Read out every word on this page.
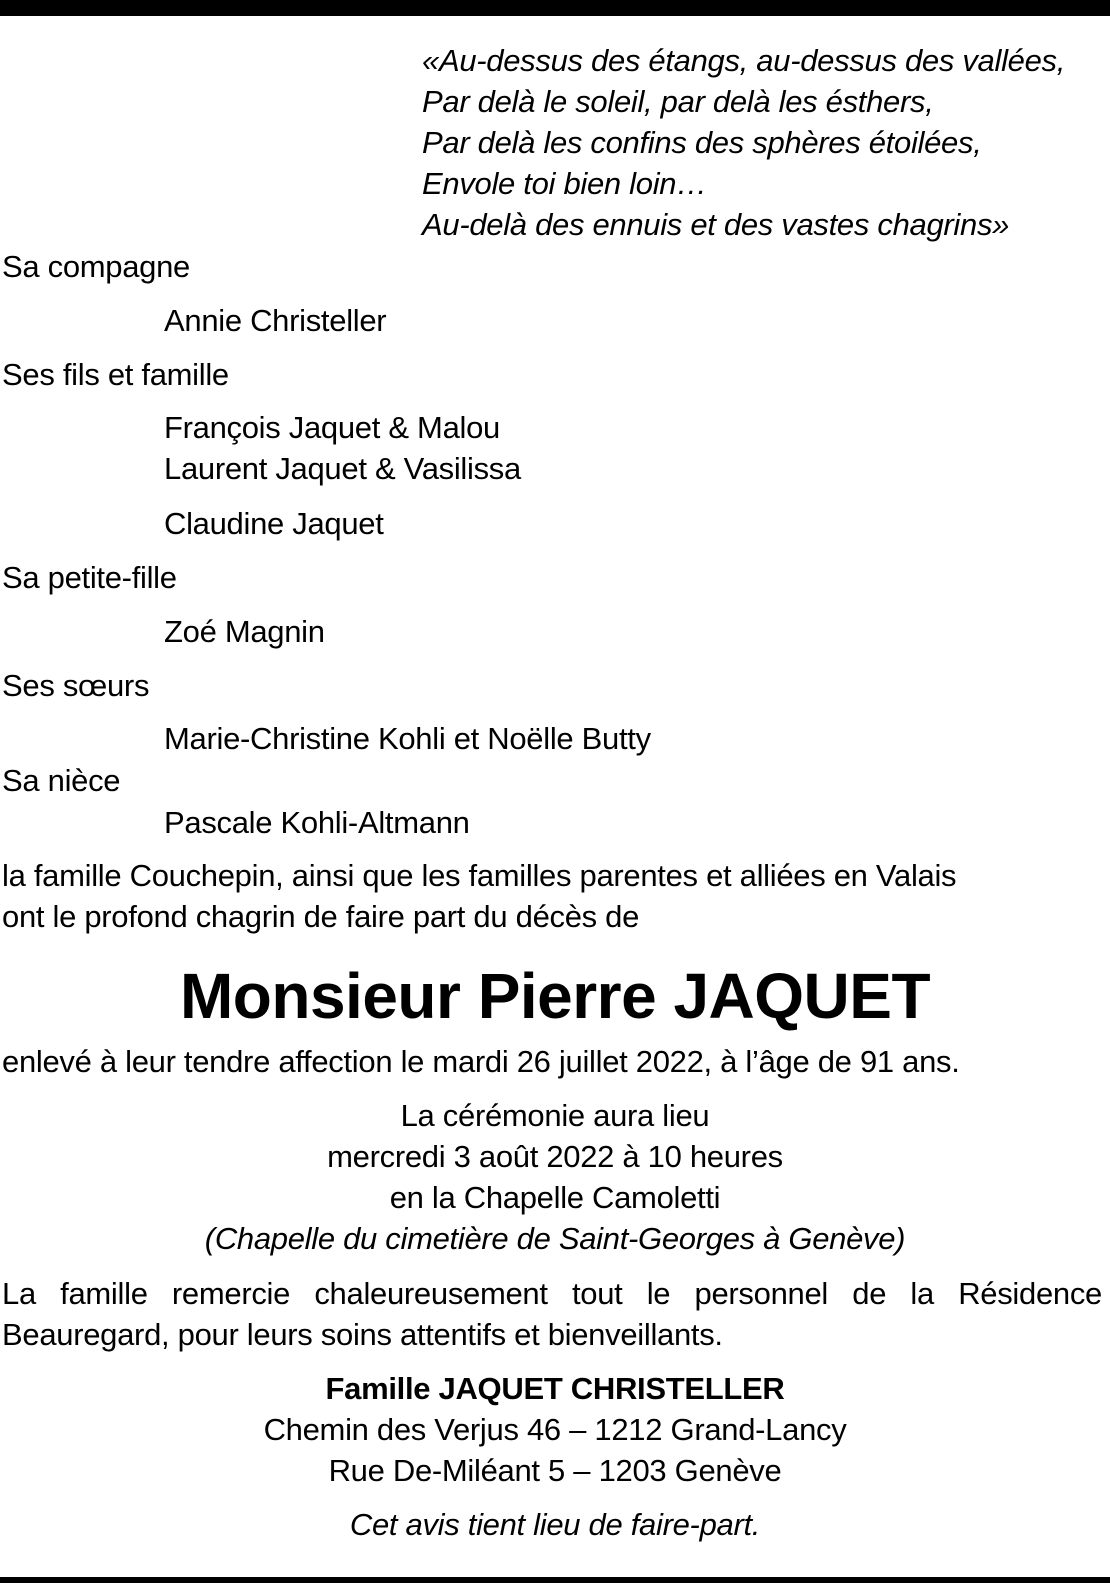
«Au-dessus des étangs, au-dessus des vallées,
Par delà le soleil, par delà les ésthers,
Par delà les confins des sphères étoilées,
Envole toi bien loin…
Au-delà des ennuis et des vastes chagrins»
Sa compagne
Annie Christeller
Ses fils et famille
François Jaquet & Malou
Laurent Jaquet & Vasilissa
Claudine Jaquet
Sa petite-fille
Zoé Magnin
Ses sœurs
Marie-Christine Kohli et Noëlle Butty
Sa nièce
Pascale Kohli-Altmann
la famille Couchepin, ainsi que les familles parentes et alliées en Valais
ont le profond chagrin de faire part du décès de
Monsieur Pierre JAQUET
enlevé à leur tendre affection le mardi 26 juillet 2022, à l’âge de 91 ans.
La cérémonie aura lieu
mercredi 3 août 2022 à 10 heures
en la Chapelle Camoletti
(Chapelle du cimetière de Saint-Georges à Genève)
La famille remercie chaleureusement tout le personnel de la Résidence
Beauregard, pour leurs soins attentifs et bienveillants.
Famille JAQUET CHRISTELLER
Chemin des Verjus 46 – 1212 Grand-Lancy
Rue De-Miléant 5 – 1203 Genève
Cet avis tient lieu de faire-part.
